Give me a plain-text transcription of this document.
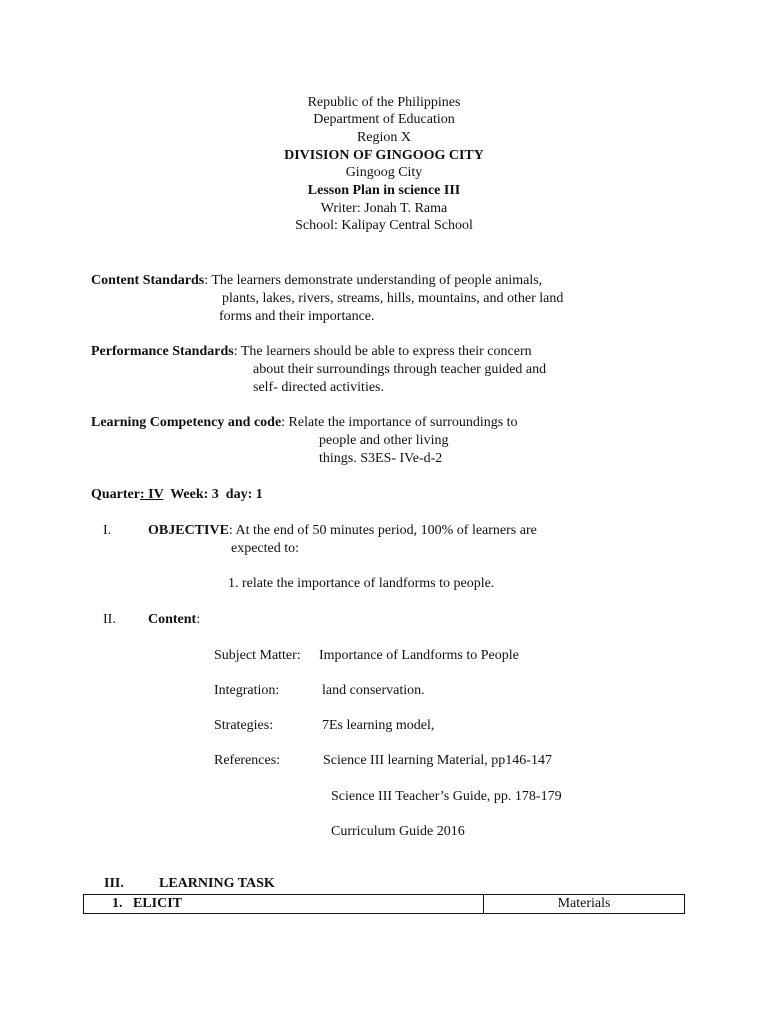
Republic of the Philippines
Department of Education
Region X
DIVISION OF GINGOOG CITY
Gingoog City
Lesson Plan in science III
Writer: Jonah T. Rama
School: Kalipay Central School
Content Standards: The learners demonstrate understanding of people animals,
plants, lakes, rivers, streams, hills, mountains, and other land
forms and their importance.
Performance Standards: The learners should be able to express their concern
about their surroundings through teacher guided and
self- directed activities.
Learning Competency and code: Relate the importance of surroundings to
people and other living
things. S3ES- IVe-d-2
Quarter: IV  Week: 3  day: 1
I.	OBJECTIVE: At the end of 50 minutes period, 100% of learners are
expected to:
1. relate the importance of landforms to people.
II. Content:
Subject Matter: Importance of Landforms to People
Integration:	land conservation.
Strategies:	7Es learning model,
References:	Science III learning Material, pp146-147
Science III Teacher’s Guide, pp. 178-179
Curriculum Guide 2016
III.	LEARNING TASK
1.   ELICIT	Materials
